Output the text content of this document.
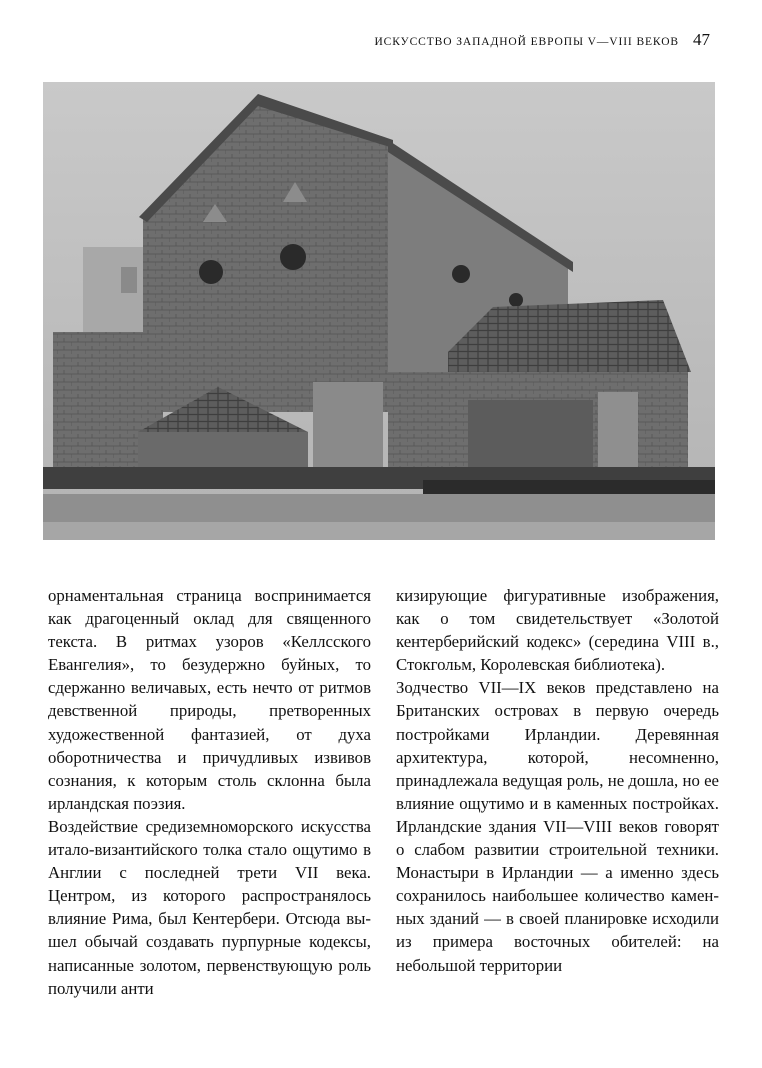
ИСКУССТВО ЗАПАДНОЙ ЕВРОПЫ V—VIII ВЕКОВ 47

орнаментальная страница воспринимается как драгоценный оклад для священного текста. В ритмах узоров «Келлсского Евангелия», то безудержно буйных, то сдержанно величавых, есть нечто от ритмов девственной природы, претворенных художественной фантазией, от духа оборотничества и причудливых извивов сознания, к которым столь склонна была ирландская поэзия.

Воздействие средиземноморского искусства итало-византийского толка стало ощутимо в Англии с последней трети VII века. Центром, из которого распространялось влияние Рима, был Кентербери. Отсюда вышел обычай создавать пурпурные кодексы, написанные золотом, первенствующую роль получили анти

кизирующие фигуративные изображения, как о том свидетельствует «Золотой кентерберийский кодекс» (середина VIII в., Стокгольм, Королевская библиотека).

Зодчество VII—IX веков представлено на Британских островах в первую очередь постройками Ирландии. Деревянная архитектура, которой, несомненно, принадлежала ведущая роль, не дошла, но ее влияние ощутимо и в каменных постройках. Ирландские здания VII—VIII веков говорят о слабом развитии строительной техники. Монастыри в Ирландии — а именно здесь сохранилось наибольшее количество каменных зданий — в своей планировке исходили из примера восточных обителей: на небольшой территории
